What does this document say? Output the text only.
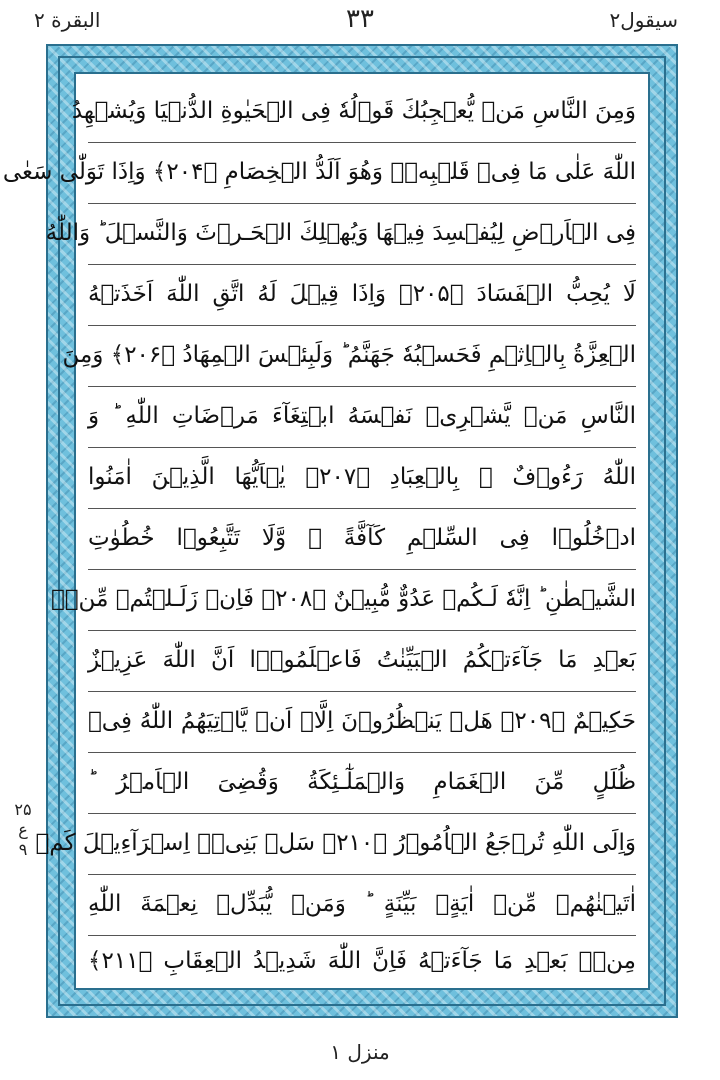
البقرة ۲	۳۳	سیقول۲
وَمِنَ النَّاسِ مَنۡ يُّعۡجِبُكَ قَوۡلُهٗ فِى الۡحَيٰوةِ الدُّنۡيَا وَيُشۡهِدُ
اللّٰهَ عَلٰى مَا فِىۡ قَلۡبِهٖۙ وَهُوَ اَلَدُّ الۡخِصَامِ ﴿۲۰۴﴾ وَاِذَا تَوَلّٰى سَعٰى
فِى الۡاَرۡضِ لِيُفۡسِدَ فِيۡهَا وَيُهۡلِكَ الۡحَـرۡثَ وَالنَّسۡلَ ؕ وَاللّٰهُ
لَا يُحِبُّ الۡفَسَادَ ﴿۲۰۵﴾ وَاِذَا قِيۡلَ لَهُ اتَّقِ اللّٰهَ اَخَذَتۡهُ
الۡعِزَّةُ بِالۡاِثۡمِ فَحَسۡبُهٗ جَهَنَّمُ ؕ وَلَبِئۡسَ الۡمِهَادُ ﴿۲۰۶﴾ وَمِنَ
النَّاسِ مَنۡ يَّشۡرِىۡ نَفۡسَهُ ابۡتِغَآءَ مَرۡضَاتِ اللّٰهِ ؕ وَ
اللّٰهُ رَءُوۡفٌ ۢ بِالۡعِبَادِ ﴿۲۰۷﴾ يٰۤاَيُّهَا الَّذِيۡنَ اٰمَنُوا
ادۡخُلُوۡا فِى السِّلۡمِ كَآفَّةً ۖ وَّلَا تَتَّبِعُوۡا خُطُوٰتِ
الشَّيۡطٰنِ ؕ اِنَّهٗ لَـكُمۡ عَدُوٌّ مُّبِيۡنٌ ﴿۲۰۸﴾ فَاِنۡ زَلَـلۡتُمۡ مِّنۡۢ
بَعۡدِ مَا جَآءَتۡكُمُ الۡبَيِّنٰتُ فَاعۡلَمُوۡۤا اَنَّ اللّٰهَ عَزِيۡزٌ
حَكِيۡمٌ ﴿۲۰۹﴾ هَلۡ يَنۡظُرُوۡنَ اِلَّاۤ اَنۡ يَّاۡتِيَهُمُ اللّٰهُ فِىۡ
ظُلَلٍ مِّنَ الۡغَمَامِ وَالۡمَلٰٓـئِكَةُ وَقُضِىَ الۡاَمۡرُ ؕ
وَاِلَى اللّٰهِ تُرۡجَعُ الۡاُمُوۡرُ ﴿۲۱۰﴾ سَلۡ بَنِىۡۤ اِسۡرَآءِيۡلَ كَمۡ
اٰتَيۡنٰهُمۡ مِّنۡ اٰيَةٍۢ بَيِّنَةٍ ؕ وَمَنۡ يُّبَدِّلۡ نِعۡمَةَ اللّٰهِ
مِنۡۢ بَعۡدِ مَا جَآءَتۡهُ فَاِنَّ اللّٰهَ شَدِيۡدُ الۡعِقَابِ ﴿۲۱۱﴾
۲۵
ع
۹
منزل ۱
